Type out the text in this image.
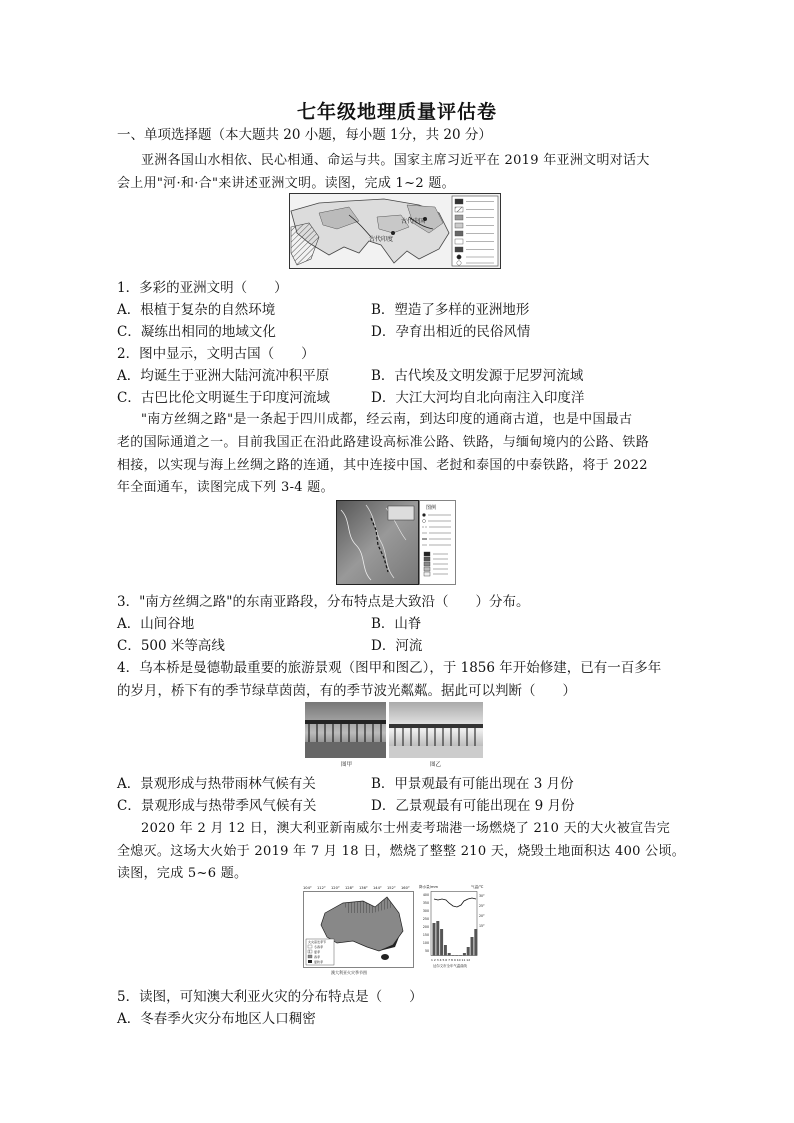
七年级地理质量评估卷
一、单项选择题（本大题共 20 小题，每小题 1分，共 20 分）
亚洲各国山水相依、民心相通、命运与共。国家主席习近平在 2019 年亚洲文明对话大
会上用"河·和·合"来讲述亚洲文明。读图，完成 1~2 题。
古代中国
古代印度
1．多彩的亚洲文明（　　）
A．根植于复杂的自然环境	B．塑造了多样的亚洲地形
C．凝练出相同的地域文化	D．孕育出相近的民俗风情
2．图中显示，文明古国（　　）
A．均诞生于亚洲大陆河流冲积平原	B．古代埃及文明发源于尼罗河流域
C．古巴比伦文明诞生于印度河流域	D．大江大河均自北向南注入印度洋
"南方丝绸之路"是一条起于四川成都，经云南，到达印度的通商古道，也是中国最古
老的国际通道之一。目前我国正在沿此路建设高标准公路、铁路，与缅甸境内的公路、铁路
相接，以实现与海上丝绸之路的连通，其中连接中国、老挝和泰国的中泰铁路，将于 2022
年全面通车，读图完成下列 3-4 题。
图例
3．"南方丝绸之路"的东南亚路段，分布特点是大致沿（　　）分布。
A．山间谷地	B．山脊
C．500 米等高线	D．河流
4．乌本桥是曼德勒最重要的旅游景观（图甲和图乙），于 1856 年开始修建，已有一百多年
的岁月，桥下有的季节绿草茵茵，有的季节波光粼粼。据此可以判断（　　）
图甲	图乙
A．景观形成与热带雨林气候有关	B．甲景观最有可能出现在 3 月份
C．景观形成与热带季风气候有关	D．乙景观最有可能出现在 9 月份
2020 年 2 月 12 日，澳大利亚新南威尔士州麦考瑞港一场燃烧了 210 天的大火被宣告完
全熄灭。这场大火始于 2019 年 7 月 18 日，燃烧了整整 210 天，烧毁土地面积达 400 公顷。
读图，完成 5~6 题。
104° 112° 120° 128° 136° 144° 152° 160°
火灾高发季节
冬春季
夏季
春季
夏秋季
澳大利亚火灾季节图
降水量/mm	气温/℃
400
350
300
250
200
150
100
50
30°
25°
20°
15°
1 2 3 4 5 6 7 8 9 10 11 12
达尔文市全年气温曲线
5．读图，可知澳大利亚火灾的分布特点是（　　）
A．冬春季火灾分布地区人口稠密
